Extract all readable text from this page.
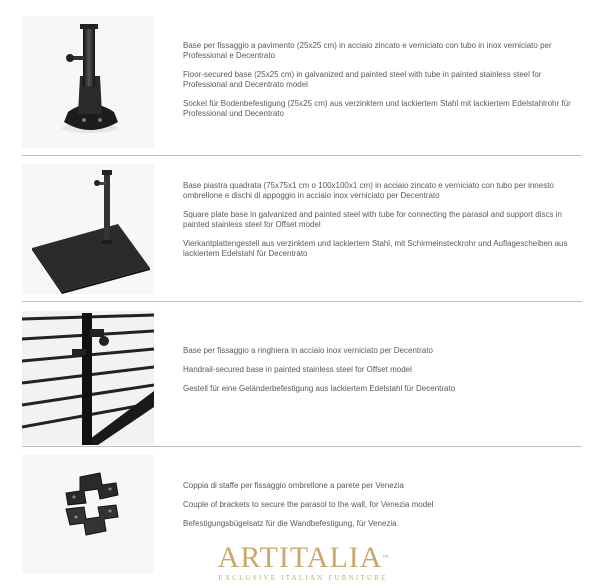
Base per fissaggio a pavimento (25x25 cm) in acciaio zincato e verniciato con tubo in inox verniciato per Professional e Decentrato

Floor-secured base (25x25 cm) in galvanized and painted steel with tube in painted stainless steel for Professional and Decentrato model

Sockel für Bodenbefestigung (25x25 cm) aus verzinktem und lackiertem Stahl mit lackiertem Edelstahlrohr für Professional und Decentrato

Base piastra quadrata (75x75x1 cm o 100x100x1 cm) in acciaio zincato e verniciato con tubo per innesto ombrellone e dischi di appoggio in acciaio inox verniciato per Decentrato

Square plate base in galvanized and painted steel with tube for connecting the parasol and support discs in painted stainless steel for Offset model

Vierkantplattengestell aus verzinktem und lackiertem Stahl, mit Schirmeinsteckrohr und Auflagescheiben aus lackiertem Edelstahl für Decentrato

Base per fissaggio a ringhiera in acciaio inox verniciato per Decentrato

Handrail-secured base in painted stainless steel for Offset model

Gestell für eine Geländerbefestigung aus lackiertem Edelstahl für Decentrato

Coppia di staffe per fissaggio ombrellone a parete per Venezia

Couple of brackets to secure the parasol to the wall, for Venezia model

Befestigungsbügelsatz für die Wandbefestigung, für Venezia

ARTITALIA™
EXCLUSIVE ITALIAN FURNITURE
